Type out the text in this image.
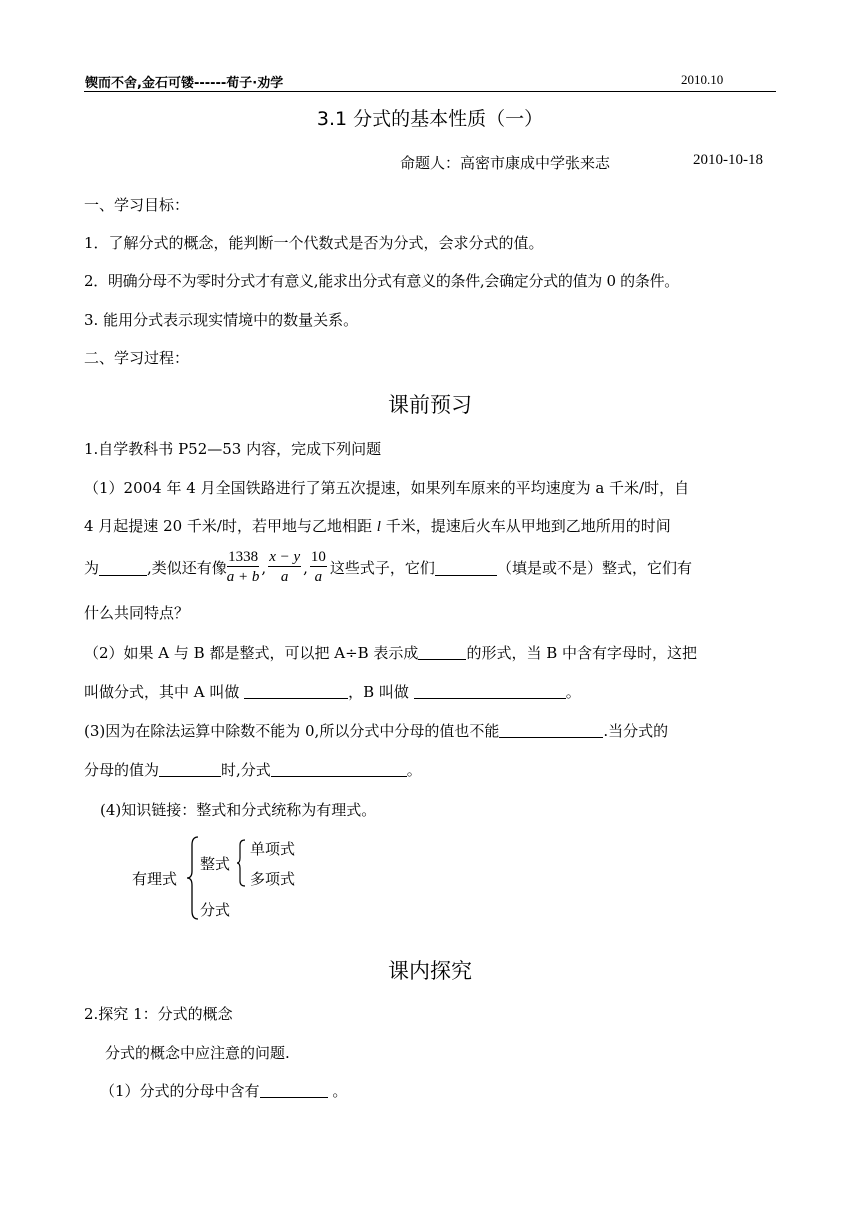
锲而不舍,金石可镂------荀子·劝学	2010.10
3.1 分式的基本性质（一）
命题人：高密市康成中学张来志	2010-10-18
一、学习目标：
1．了解分式的概念，能判断一个代数式是否为分式，会求分式的值。
2．明确分母不为零时分式才有意义,能求出分式有意义的条件,会确定分式的值为 0 的条件。
3. 能用分式表示现实情境中的数量关系。
二、学习过程：
课前预习
1.自学教科书 P52—53 内容，完成下列问题
（1）2004 年 4 月全国铁路进行了第五次提速，如果列车原来的平均速度为 a 千米/时，自
4 月起提速 20 千米/时，若甲地与乙地相距 l 千米，提速后火车从甲地到乙地所用的时间
为	,类似还有像 $\frac{1338}{a + b}$ , $\frac{x - y}{a}$ , $\frac{10}{a}$ 这些式子，它们	（填是或不是）整式，它们有
什么共同特点？
（2）如果 A 与 B 都是整式，可以把 A÷B 表示成	的形式，当 B 中含有字母时，这把
叫做分式，其中 A 叫做	，B 叫做	。
(3)因为在除法运算中除数不能为 0,所以分式中分母的值也不能	.当分式的
分母的值为	时,分式	。
(4)知识链接：整式和分式统称为有理式。
有理式
整式
单项式
多项式
分式
课内探究
2.探究 1：分式的概念
分式的概念中应注意的问题.
（1）分式的分母中含有	。
